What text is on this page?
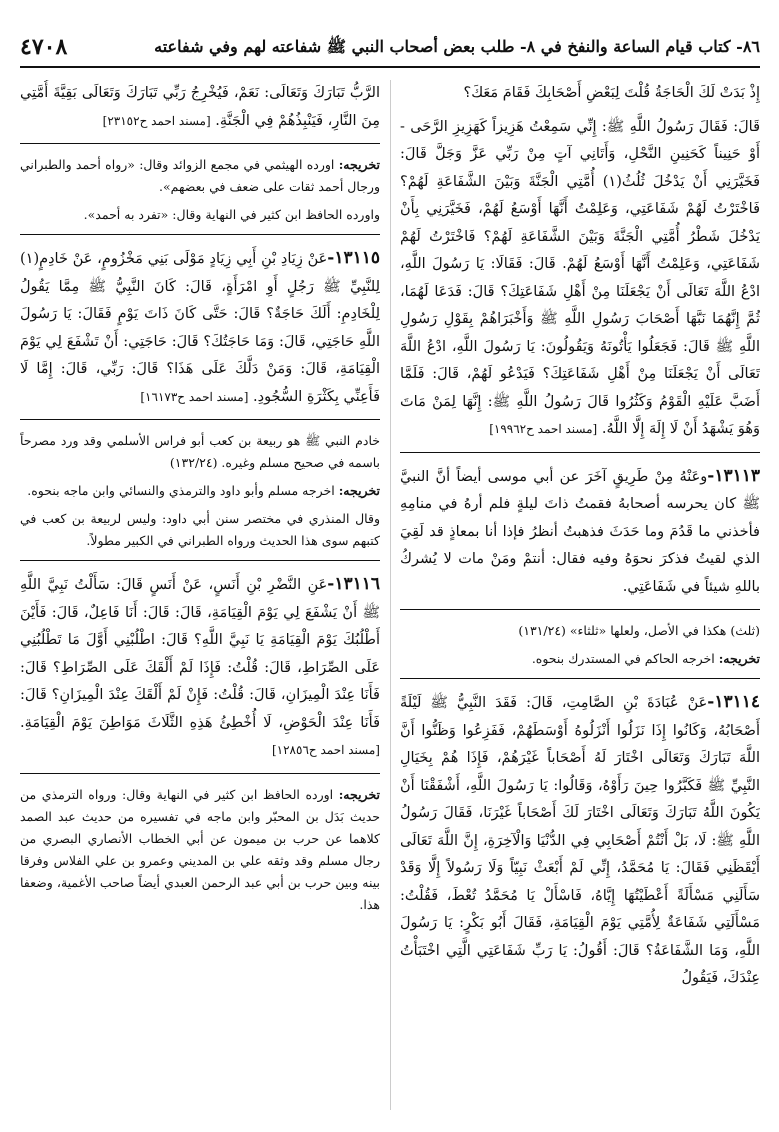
٨٦- كتاب قيام الساعة والنفخ في ٨- طلب بعض أصحاب النبي ﷺ شفاعته لهم وفي شفاعته
٤٧٠٨

إِذْ بَدَتْ لَكَ الْحَاجَةُ قُلْتَ لِبَعْضِ أَصْحَابِكَ فَقَامَ مَعَكَ؟

قَالَ: فَقَالَ رَسُولُ اللَّهِ ﷺ: إِنِّي سَمِعْتُ هَزِيزاً كَهَزِيزِ الرَّحَى - أَوْ حَنِيناً كَحَنِينِ النَّحْلِ، وَأَتَانِي آتٍ مِنْ رَبِّي عَزَّ وَجَلَّ قَالَ: فَخَيَّرَنِي أَنْ يَدْخُلَ ثُلُثُ(١) أُمَّتِي الْجَنَّةَ وَبَيْنَ الشَّفَاعَةِ لَهُمْ؟ فَاخْتَرْتُ لَهُمْ شَفَاعَتِي، وَعَلِمْتُ أَنَّهَا أَوْسَعُ لَهُمْ، فَخَيَّرَنِي بِأَنْ يَدْخُلَ شَطْرُ أُمَّتِي الْجَنَّةَ وَبَيْنَ الشَّفَاعَةِ لَهُمْ؟ فَاخْتَرْتُ لَهُمْ شَفَاعَتِي، وَعَلِمْتُ أَنَّهَا أَوْسَعُ لَهُمْ. قَالَ: فَقَالَا: يَا رَسُولَ اللَّهِ، ادْعُ اللَّهَ تَعَالَى أَنْ يَجْعَلَنَا مِنْ أَهْلِ شَفَاعَتِكَ؟ قَالَ: فَدَعَا لَهُمَا، ثُمَّ إِنَّهُمَا نَبَّهَا أَصْحَابَ رَسُولِ اللَّهِ ﷺ وَأَخْبَرَاهُمْ بِقَوْلِ رَسُولِ اللَّهِ ﷺ قَالَ: فَجَعَلُوا يَأْتُونَهُ وَيَقُولُونَ: يَا رَسُولَ اللَّهِ، ادْعُ اللَّهَ تَعَالَى أَنْ يَجْعَلَنَا مِنْ أَهْلِ شَفَاعَتِكَ؟ فَيَدْعُو لَهُمْ، قَالَ: فَلَمَّا أَضَبَّ عَلَيْهِ الْقَوْمُ وَكَثُرُوا قَالَ رَسُولُ اللَّهِ ﷺ: إِنَّهَا لِمَنْ مَاتَ وَهُوَ يَشْهَدُ أَنْ لَا إِلَهَ إِلَّا اللَّهُ. [مسند احمد ح١٩٩٦٢]

١٣١١٣-وعَنْهُ مِنْ طَرِيقٍ آخَرَ عن أبي موسى أيضاً أنَّ النبيَّ ﷺ كان يحرسه أصحابهُ فقمتُ ذاتَ ليلةٍ فلم أرهُ في منامِهِ فأخذني ما قَدُمَ وما حَدَثَ فذهبتُ أنظرُ فإذا أنا بمعاذٍ قد لَقِيَ الذي لقيتُ فذكرَ نحوَهُ وفيه فقال: أنتمْ ومَنْ مات لا يُشركُ باللهِ شيئاً في شَفَاعَتِي.

(ثلث) هكذا في الأصل، ولعلها «ثلثاء» (١٣١/٢٤)

تخريجه: اخرجه الحاكم في المستدرك بنحوه.

١٣١١٤-عَنْ عُبَادَةَ بْنِ الصَّامِتِ، قَالَ: فَقَدَ النَّبِيُّ ﷺ لَيْلَةً أَصْحَابُهُ، وَكَانُوا إِذَا نَزَلُوا أَنْزَلُوهُ أَوْسَطَهُمْ، فَفَزِعُوا وَظَنُّوا أَنَّ اللَّهَ تَبَارَكَ وَتَعَالَى اخْتَارَ لَهُ أَصْحَاباً غَيْرَهُمْ، فَإِذَا هُمْ بِخَيَالِ النَّبِيِّ ﷺ فَكَبَّرُوا حِينَ رَأَوْهُ، وَقَالُوا: يَا رَسُولَ اللَّهِ، أَشْفَقْنَا أَنْ يَكُونَ اللَّهُ تَبَارَكَ وَتَعَالَى اخْتَارَ لَكَ أَصْحَاباً غَيْرَنَا، فَقَالَ رَسُولُ اللَّهِ ﷺ: لَا، بَلْ أَنْتُمْ أَصْحَابِي فِي الدُّنْيَا وَالْآخِرَةِ، إِنَّ اللَّهَ تَعَالَى أَيْقَظَنِي فَقَالَ: يَا مُحَمَّدُ، إِنِّي لَمْ أَبْعَثْ نَبِيّاً وَلَا رَسُولاً إِلَّا وَقَدْ سَأَلَنِي مَسْأَلَةً أَعْطَيْتُهَا إِيَّاهُ، فَاسْأَلْ يَا مُحَمَّدُ تُعْطَ، فَقُلْتُ: مَسْأَلَتِي شَفَاعَةٌ لِأُمَّتِي يَوْمَ الْقِيَامَةِ، فَقَالَ أَبُو بَكْرٍ: يَا رَسُولَ اللَّهِ، وَمَا الشَّفَاعَةُ؟ قَالَ: أَقُولُ: يَا رَبِّ شَفَاعَتِي الَّتِي اخْتَبَأْتُ عِنْدَكَ، فَيَقُولُ

الرَّبُّ تَبَارَكَ وَتَعَالَى: نَعَمْ، فَيُخْرِجُ رَبِّي تَبَارَكَ وَتَعَالَى بَقِيَّةَ أُمَّتِي مِنَ النَّارِ، فَيَنْبِذُهُمْ فِي الْجَنَّةِ. [مسند احمد ح٢٣١٥٢]

تخريجه: اورده الهيثمي في مجمع الزوائد وقال: «رواه أحمد والطبراني ورجال أحمد ثقات على ضعف في بعضهم».

واورده الحافظ ابن كثير في النهاية وقال: «تفرد به أحمد».

١٣١١٥-عَنْ زِيَادِ بْنِ أَبِي زِيَادٍ مَوْلَى بَنِي مَخْزُومٍ، عَنْ خَادِمٍ(١) لِلنَّبِيِّ ﷺ رَجُلٍ أَوِ امْرَأَةٍ، قَالَ: كَانَ النَّبِيُّ ﷺ مِمَّا يَقُولُ لِلْخَادِمِ: أَلَكَ حَاجَةٌ؟ قَالَ: حَتَّى كَانَ ذَاتَ يَوْمٍ فَقَالَ: يَا رَسُولَ اللَّهِ حَاجَتِي، قَالَ: وَمَا حَاجَتُكَ؟ قَالَ: حَاجَتِي: أَنْ تَشْفَعَ لِي يَوْمَ الْقِيَامَةِ، قَالَ: وَمَنْ دَلَّكَ عَلَى هَذَا؟ قَالَ: رَبِّي، قَالَ: إِمَّا لَا فَأَعِنِّي بِكَثْرَةِ السُّجُودِ. [مسند احمد ح١٦١٧٣]

خادم النبي ﷺ هو ربيعة بن كعب أبو فراس الأسلمي وقد ورد مصرحاً باسمه في صحيح مسلم وغيره. (١٣٢/٢٤)

تخريجه: اخرجه مسلم وأبو داود والترمذي والنسائي وابن ماجه بنحوه.

وقال المنذري في مختصر سنن أبي داود: وليس لربيعة بن كعب في كتبهم سوى هذا الحديث ورواه الطبراني في الكبير مطولاً.

١٣١١٦-عَنِ النَّضْرِ بْنِ أَنَسٍ، عَنْ أَنَسٍ قَالَ: سَأَلْتُ نَبِيَّ اللَّهِ ﷺ أَنْ يَشْفَعَ لِي يَوْمَ الْقِيَامَةِ، قَالَ: قَالَ: أَنَا فَاعِلٌ، قَالَ: فَأَيْنَ أَطْلُبُكَ يَوْمَ الْقِيَامَةِ يَا نَبِيَّ اللَّهِ؟ قَالَ: اطْلُبْنِي أَوَّلَ مَا تَطْلُبُنِي عَلَى الصِّرَاطِ، قَالَ: قُلْتُ: فَإِذَا لَمْ أَلْقَكَ عَلَى الصِّرَاطِ؟ قَالَ: فَأَنَا عِنْدَ الْمِيزَانِ، قَالَ: قُلْتُ: فَإِنْ لَمْ أَلْقَكَ عِنْدَ الْمِيزَانِ؟ قَالَ: فَأَنَا عِنْدَ الْحَوْضِ، لَا أُخْطِئُ هَذِهِ الثَّلَاثَ مَوَاطِنَ يَوْمَ الْقِيَامَةِ. [مسند احمد ح١٢٨٥٦]

تخريجه: اورده الحافظ ابن كثير في النهاية وقال: ورواه الترمذي من حديث بَدَل بن المحبّر وابن ماجه في تفسيره من حديث عبد الصمد كلاهما عن حرب بن ميمون عن أبي الخطاب الأنصاري البصري من رجال مسلم وقد وثقه علي بن المديني وعمرو بن علي الفلاس وفرقا بينه وبين حرب بن أبي عبد الرحمن العبدي أيضاً صاحب الأغمية، وضعفا هذا.
